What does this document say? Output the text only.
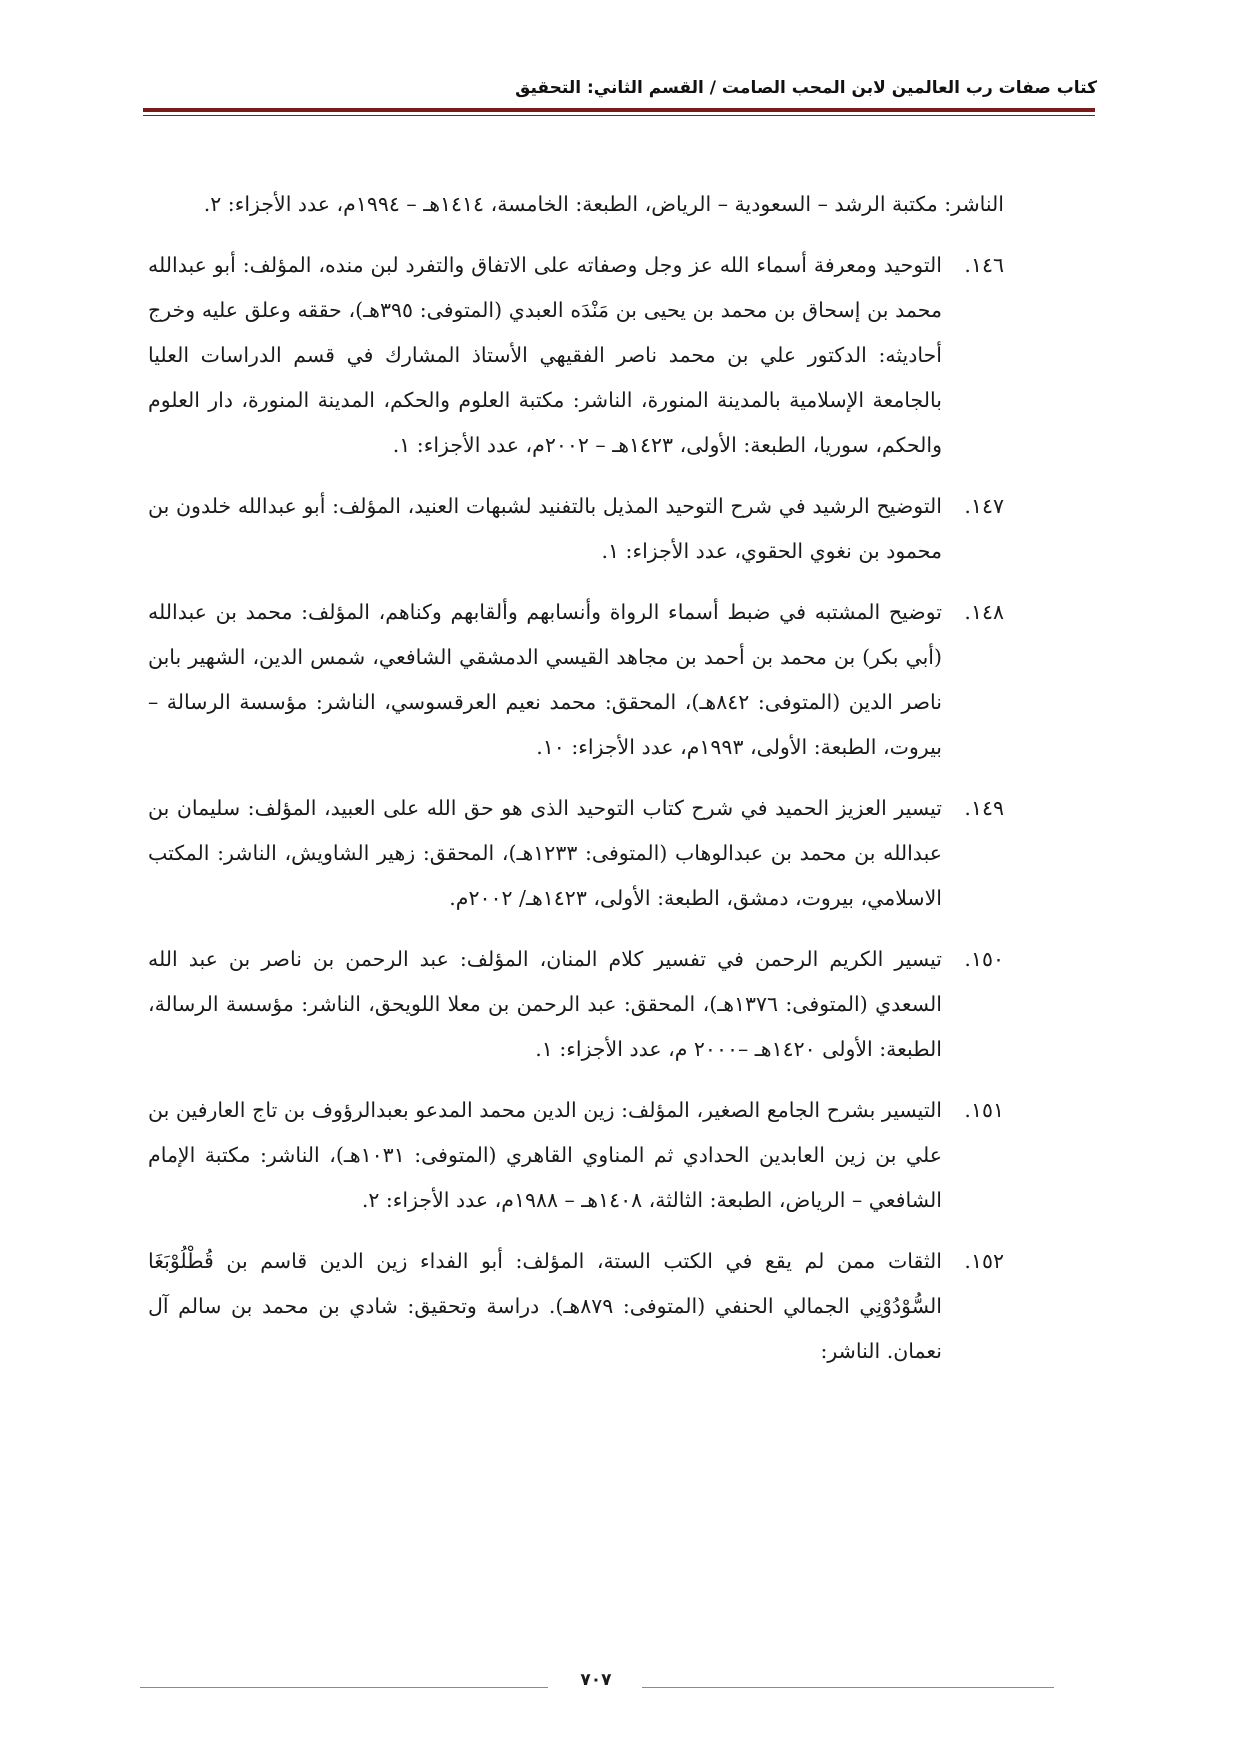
كتاب صفات رب العالمين لابن المحب الصامت / القسم الثاني: التحقيق
الناشر: مكتبة الرشد – السعودية – الرياض، الطبعة: الخامسة، ١٤١٤هـ – ١٩٩٤م، عدد الأجزاء: ٢.
١٤٦.
التوحيد ومعرفة أسماء الله عز وجل وصفاته على الاتفاق والتفرد لبن منده، المؤلف: أبو عبدالله محمد بن إسحاق بن محمد بن يحيى بن مَنْدَه العبدي (المتوفى: ٣٩٥هـ)، حققه وعلق عليه وخرج أحاديثه: الدكتور علي بن محمد ناصر الفقيهي الأستاذ المشارك في قسم الدراسات العليا بالجامعة الإسلامية بالمدينة المنورة، الناشر: مكتبة العلوم والحكم، المدينة المنورة، دار العلوم والحكم، سوريا، الطبعة: الأولى، ١٤٢٣هـ – ٢٠٠٢م، عدد الأجزاء: ١.
١٤٧.
التوضيح الرشيد في شرح التوحيد المذيل بالتفنيد لشبهات العنيد، المؤلف: أبو عبدالله خلدون بن محمود بن نغوي الحقوي، عدد الأجزاء: ١.
١٤٨.
توضيح المشتبه في ضبط أسماء الرواة وأنسابهم وألقابهم وكناهم، المؤلف: محمد بن عبدالله (أبي بكر) بن محمد بن أحمد بن مجاهد القيسي الدمشقي الشافعي، شمس الدين، الشهير بابن ناصر الدين (المتوفى: ٨٤٢هـ)، المحقق: محمد نعيم العرقسوسي، الناشر: مؤسسة الرسالة – بيروت، الطبعة: الأولى، ١٩٩٣م، عدد الأجزاء: ١٠.
١٤٩.
تيسير العزيز الحميد في شرح كتاب التوحيد الذى هو حق الله على العبيد، المؤلف: سليمان بن عبدالله بن محمد بن عبدالوهاب (المتوفى: ١٢٣٣هـ)، المحقق: زهير الشاويش، الناشر: المكتب الاسلامي، بيروت، دمشق، الطبعة: الأولى، ١٤٢٣هـ/ ٢٠٠٢م.
١٥٠.
تيسير الكريم الرحمن في تفسير كلام المنان، المؤلف: عبد الرحمن بن ناصر بن عبد الله السعدي (المتوفى: ١٣٧٦هـ)، المحقق: عبد الرحمن بن معلا اللويحق، الناشر: مؤسسة الرسالة، الطبعة: الأولى ١٤٢٠هـ –٢٠٠٠ م، عدد الأجزاء: ١.
١٥١.
التيسير بشرح الجامع الصغير، المؤلف: زين الدين محمد المدعو بعبدالرؤوف بن تاج العارفين بن علي بن زين العابدين الحدادي ثم المناوي القاهري (المتوفى: ١٠٣١هـ)، الناشر: مكتبة الإمام الشافعي – الرياض، الطبعة: الثالثة، ١٤٠٨هـ – ١٩٨٨م، عدد الأجزاء: ٢.
١٥٢.
الثقات ممن لم يقع في الكتب الستة، المؤلف: أبو الفداء زين الدين قاسم بن قُطْلُوْبَغَا السُّوْدُوْنِي الجمالي الحنفي (المتوفى: ٨٧٩هـ). دراسة وتحقيق: شادي بن محمد بن سالم آل نعمان. الناشر:
٧٠٧
